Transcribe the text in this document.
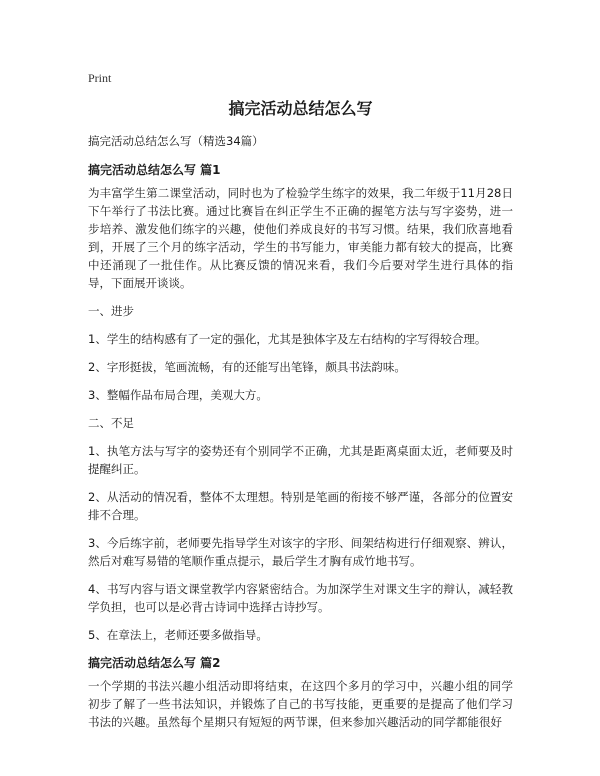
Print
搞完活动总结怎么写
搞完活动总结怎么写（精选34篇）
搞完活动总结怎么写 篇1
为丰富学生第二课堂活动，同时也为了检验学生练字的效果，我二年级于11月28日下午举行了书法比赛。通过比赛旨在纠正学生不正确的握笔方法与写字姿势，进一步培养、激发他们练字的兴趣，使他们养成良好的书写习惯。结果，我们欣喜地看到，开展了三个月的练字活动，学生的书写能力，审美能力都有较大的提高，比赛中还涌现了一批佳作。从比赛反馈的情况来看，我们今后要对学生进行具体的指导，下面展开谈谈。
一、进步
1、学生的结构感有了一定的强化，尤其是独体字及左右结构的字写得较合理。
2、字形挺拔，笔画流畅，有的还能写出笔锋，颇具书法韵味。
3、整幅作品布局合理，美观大方。
二、不足
1、执笔方法与写字的姿势还有个别同学不正确，尤其是距离桌面太近，老师要及时提醒纠正。
2、从活动的情况看，整体不太理想。特别是笔画的衔接不够严谨，各部分的位置安排不合理。
3、今后练字前，老师要先指导学生对该字的字形、间架结构进行仔细观察、辨认，然后对难写易错的笔顺作重点提示，最后学生才胸有成竹地书写。
4、书写内容与语文课堂教学内容紧密结合。为加深学生对课文生字的辩认，减轻教学负担，也可以是必背古诗词中选择古诗抄写。
5、在章法上，老师还要多做指导。
搞完活动总结怎么写 篇2
一个学期的书法兴趣小组活动即将结束，在这四个多月的学习中，兴趣小组的同学初步了解了一些书法知识，并锻炼了自己的书写技能，更重要的是提高了他们学习书法的兴趣。虽然每个星期只有短短的两节课，但来参加兴趣活动的同学都能很好
